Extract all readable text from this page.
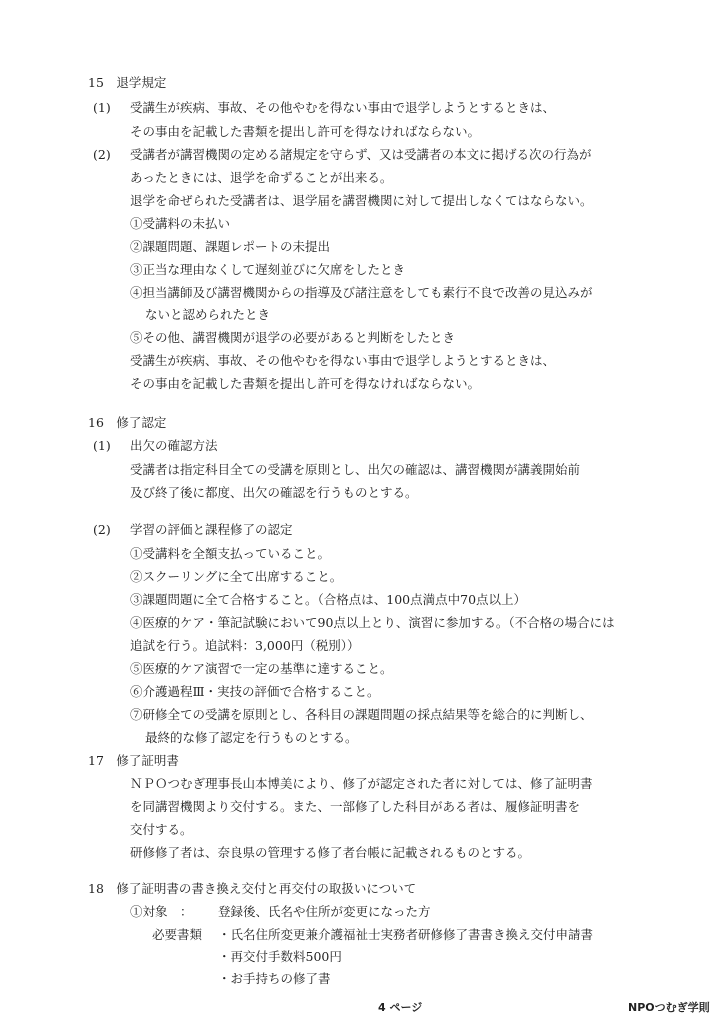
15　退学規定
(1) 受講生が疾病、事故、その他やむを得ない事由で退学しようとするときは、
その事由を記載した書類を提出し許可を得なければならない。
(2) 受講者が講習機関の定める諸規定を守らず、又は受講者の本文に掲げる次の行為が
あったときには、退学を命ずることが出来る。
退学を命ぜられた受講者は、退学届を講習機関に対して提出しなくてはならない。
①受講料の未払い
②課題問題、課題レポートの未提出
③正当な理由なくして遅刻並びに欠席をしたとき
④担当講師及び講習機関からの指導及び諸注意をしても素行不良で改善の見込みが
ないと認められたとき
⑤その他、講習機関が退学の必要があると判断をしたとき
受講生が疾病、事故、その他やむを得ない事由で退学しようとするときは、
その事由を記載した書類を提出し許可を得なければならない。
16　修了認定
(1) 出欠の確認方法
受講者は指定科目全ての受講を原則とし、出欠の確認は、講習機関が講義開始前
及び終了後に都度、出欠の確認を行うものとする。
(2) 学習の評価と課程修了の認定
①受講料を全額支払っていること。
②スクーリングに全て出席すること。
③課題問題に全て合格すること。（合格点は、100点満点中70点以上）
④医療的ケア・筆記試験において90点以上とり、演習に参加する。（不合格の場合には
追試を行う。追試料：3,000円（税別））
⑤医療的ケア演習で一定の基準に達すること。
⑥介護過程Ⅲ・実技の評価で合格すること。
⑦研修全ての受講を原則とし、各科目の課題問題の採点結果等を総合的に判断し、
最終的な修了認定を行うものとする。
17　修了証明書
ＮＰＯつむぎ理事長山本博美により、修了が認定された者に対しては、修了証明書
を同講習機関より交付する。また、一部修了した科目がある者は、履修証明書を
交付する。
研修修了者は、奈良県の管理する修了者台帳に記載されるものとする。
18　修了証明書の書き換え交付と再交付の取扱いについて
①対象　： 登録後、氏名や住所が変更になった方
必要書類 ・氏名住所変更兼介護福祉士実務者研修修了書書き換え交付申請書
・再交付手数料500円
・お手持ちの修了書
4 ページ	NPOつむぎ学則
